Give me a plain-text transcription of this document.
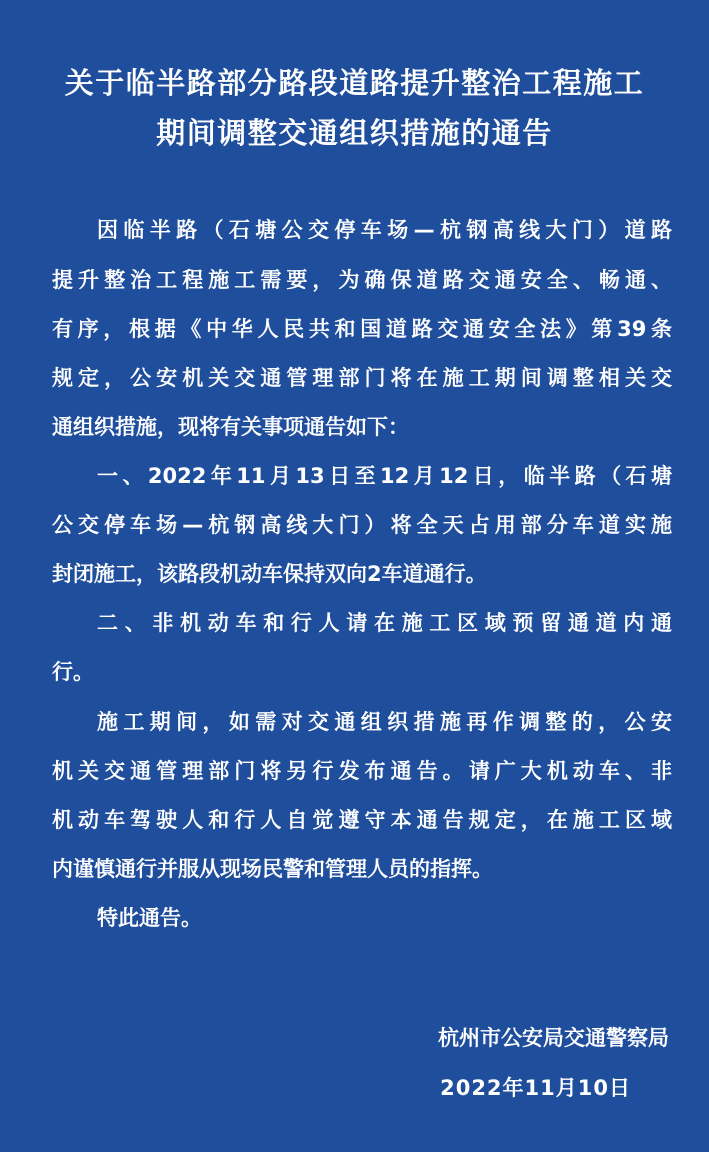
关于临半路部分路段道路提升整治工程施工
期间调整交通组织措施的通告
因临半路（石塘公交停车场—杭钢高线大门）道路
提升整治工程施工需要，为确保道路交通安全、畅通、
有序，根据《中华人民共和国道路交通安全法》第39条
规定，公安机关交通管理部门将在施工期间调整相关交
通组织措施，现将有关事项通告如下：
一、2022年11月13日至12月12日，临半路（石塘
公交停车场—杭钢高线大门）将全天占用部分车道实施
封闭施工，该路段机动车保持双向2车道通行。
二、非机动车和行人请在施工区域预留通道内通
行。
施工期间，如需对交通组织措施再作调整的，公安
机关交通管理部门将另行发布通告。请广大机动车、非
机动车驾驶人和行人自觉遵守本通告规定，在施工区域
内谨慎通行并服从现场民警和管理人员的指挥。
特此通告。
杭州市公安局交通警察局
2022年11月10日
